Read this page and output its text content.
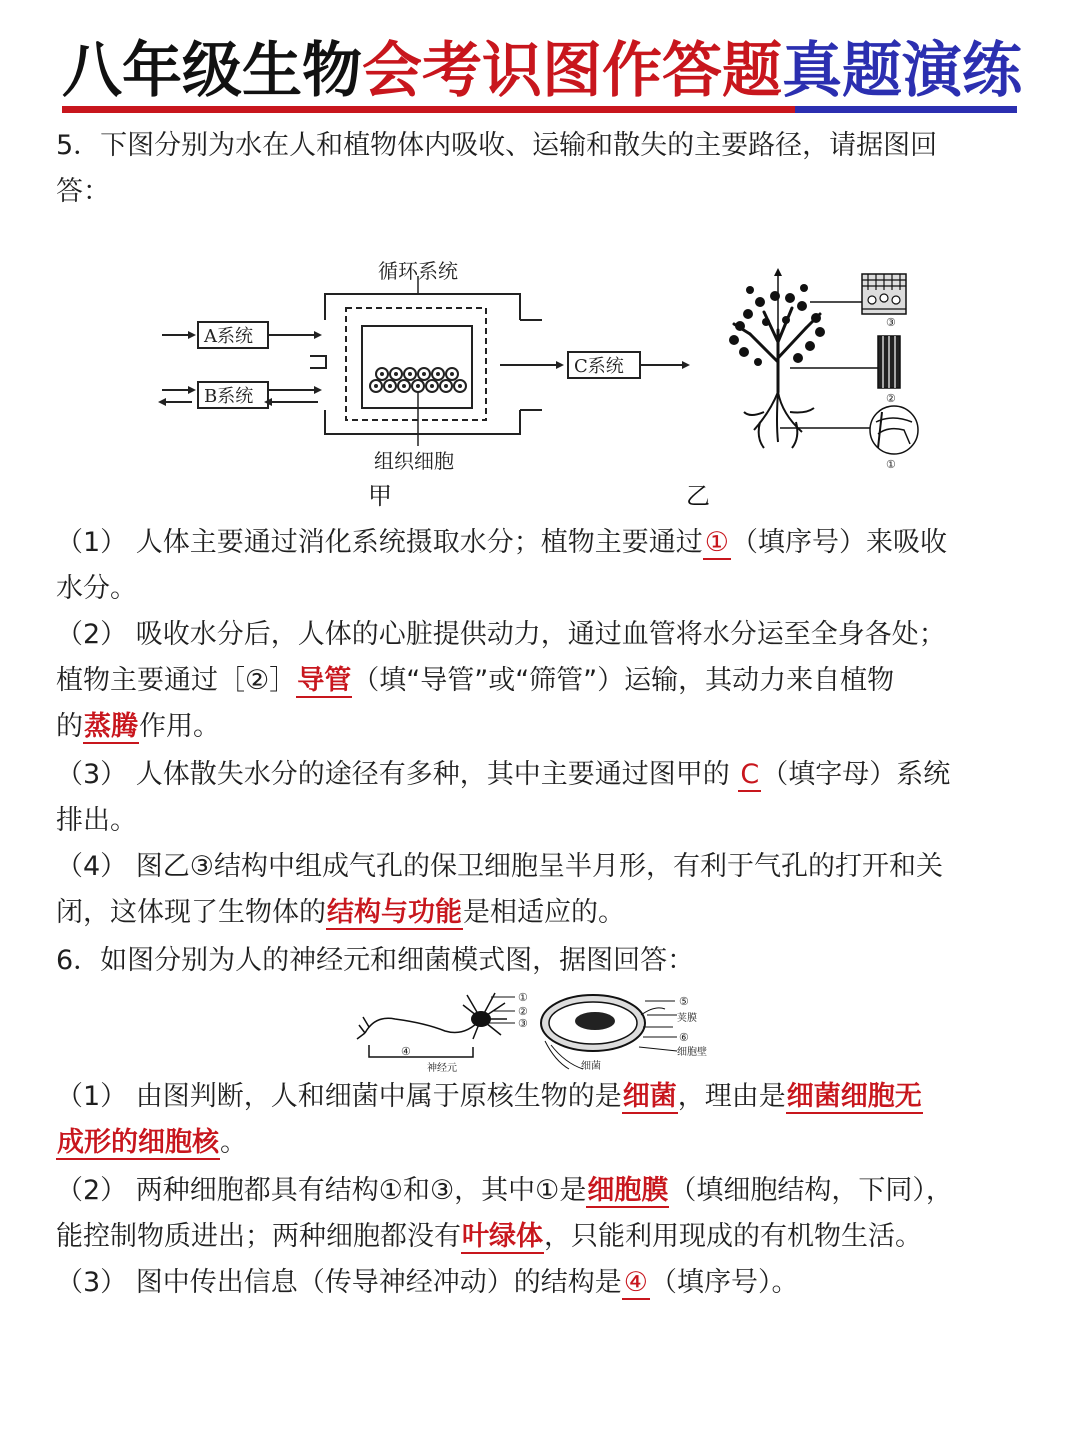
八年级生物会考识图作答题真题演练
5．下图分别为水在人和植物体内吸收、运输和散失的主要路径，请据图回
答：
循环系统
组织细胞
A系统
B系统
C系统
甲
③
②
①
乙
（1） 人体主要通过消化系统摄取水分；植物主要通过①（填序号）来吸收
水分。
（2） 吸收水分后，人体的心脏提供动力，通过血管将水分运至全身各处；
植物主要通过［②］导管（填“导管”或“筛管”）运输，其动力来自植物
的蒸腾作用。
（3） 人体散失水分的途径有多种，其中主要通过图甲的 C（填字母）系统
排出。
（4） 图乙③结构中组成气孔的保卫细胞呈半月形，有利于气孔的打开和关
闭，这体现了生物体的结构与功能是相适应的。
6．如图分别为人的神经元和细菌模式图，据图回答：
①
②
③
④
⑤
⑥
荚膜
细胞壁
神经元	细菌
（1） 由图判断，人和细菌中属于原核生物的是细菌，理由是细菌细胞无
成形的细胞核。
（2） 两种细胞都具有结构①和③，其中①是细胞膜（填细胞结构，下同），
能控制物质进出；两种细胞都没有叶绿体，只能利用现成的有机物生活。
（3） 图中传出信息（传导神经冲动）的结构是④（填序号）。
